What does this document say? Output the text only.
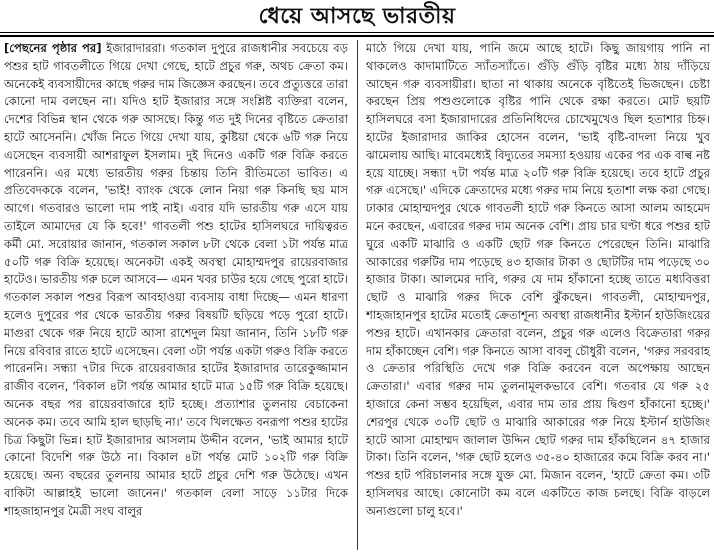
ধেয়ে আসছে ভারতীয়

[পেছনের পৃষ্ঠার পর] ইজারাদাররা। গতকাল দুপুরে রাজধানীর সবচেয়ে বড় পশুর হাট গাবতলীতে গিয়ে দেখা গেছে, হাটে প্রচুর গরু, অথচ ক্রেতা কম। অনেকেই ব্যবসায়ীদের কাছে গরুর দাম জিজ্ঞেস করছেন। তবে প্রত্যুত্তরে তারা কোনো দাম বলছেন না। যদিও হাট ইজারার সঙ্গে সংশ্লিষ্ট ব্যক্তিরা বলেন, দেশের বিভিন্ন স্থান থেকে গরু আসছে। কিন্তু গত দুই দিনের বৃষ্টিতে ক্রেতারা হাটে আসেননি। খোঁজ নিতে গিয়ে দেখা যায়, কুষ্টিয়া থেকে ৬টি গরু নিয়ে এসেছেন ব্যবসায়ী আশরাফুল ইসলাম। দুই দিনেও একটি গরু বিক্রি করতে পারেননি। এর মধ্যে ভারতীয় গরুর চিন্তায় তিনি রীতিমতো ভাবিত। এ প্রতিবেদককে বলেন, 'ভাই! ব্যাংক থেকে লোন নিয়া গরু কিনছি ছয় মাস আগে। গতবারও ভালো দাম পাই নাই। এবার যদি ভারতীয় গরু এসে যায় তাইলে আমাদের যে কি হবে!' গাবতলী পশু হাটের হাসিলঘরে দায়িত্বরত কর্মী মো. সরোয়ার জানান, গতকাল সকাল ৮টা থেকে বেলা ১টা পর্যন্ত মাত্র ৫০টি গরু বিক্রি হয়েছে। অনেকটা একই অবস্থা মোহাম্মদপুর রায়েরবাজার হাটেও। ভারতীয় গরু চলে আসবে— এমন খবর চাউর হয়ে গেছে পুরো হাটে। গতকাল সকাল পশুর বিরূপ আবহাওয়া ব্যবসায় বাধা দিচ্ছে— এমন ধারণা হলেও দুপুরের পর থেকে ভারতীয় গরুর বিষয়টি ছড়িয়ে পড়ে পুরো হাটে। মাগুরা থেকে গরু নিয়ে হাটে আসা রাশেদুল মিয়া জানান, তিনি ১৮টি গরু নিয়ে রবিবার রাতে হাটে এসেছেন। বেলা ৩টা পর্যন্ত একটা গরুও বিক্রি করতে পারেননি। সন্ধ্যা ৭টার দিকে রায়েরবাজার হাটের ইজারাদার তারেকুজ্জামান রাজীব বলেন, 'বিকাল ৪টা পর্যন্ত আমার হাটে মাত্র ১৫টি গরু বিক্রি হয়েছে। অনেক বছর পর রায়েরবাজারে হাট হচ্ছে। প্রত্যাশার তুলনায় বেচাকেনা অনেক কম। তবে আমি হাল ছাড়ছি না।' তবে খিলক্ষেত বনরূপা পশুর হাটের চিত্র কিছুটা ভিন্ন। হাট ইজারাদার আসলাম উদ্দীন বলেন, 'ভাই আমার হাটে কোনো বিদেশি গরু উঠে না। বিকাল ৪টা পর্যন্ত মোট ১০২টি গরু বিক্রি হয়েছে। অন্য বছরের তুলনায় আমার হাটে প্রচুর দেশি গরু উঠেছে। এখন বাকিটা আল্লাহই ভালো জানেন।' গতকাল বেলা সাড়ে ১১টার দিকে শাহজাহানপুর মৈত্রী সংঘ বালুর

মাঠে গিয়ে দেখা যায়, পানি জমে আছে হাটে। কিছু জায়গায় পানি না থাকলেও কাদামাটিতে স্যাঁতস্যাঁতে। গুঁড়ি গুঁড়ি বৃষ্টির মধ্যে ঠায় দাঁড়িয়ে আছেন গরু ব্যবসায়ীরা। ছাতা না থাকায় অনেকে বৃষ্টিতেই ভিজছেন। চেষ্টা করছেন প্রিয় পশুগুলোকে বৃষ্টির পানি থেকে রক্ষা করতে। মোট ছয়টি হাসিলঘরে বসা ইজারাদারের প্রতিনিধিদের চোখেমুখেও ছিল হতাশার চিহ্ন। হাটের ইজারাদার জাকির হোসেন বলেন, 'ভাই বৃষ্টি-বাদলা নিয়ে খুব ঝামেলায় আছি। মাবেমধ্যেই বিদ্যুতের সমস্যা হওয়ায় একের পর এক বাল্ব নষ্ট হয়ে যাচ্ছে। সন্ধ্যা ৭টা পর্যন্ত মাত্র ২০টি গরু বিক্রি হয়েছে। তবে হাটে প্রচুর গরু এসেছে।' এদিকে ক্রেতাদের মধ্যে গরুর দাম নিয়ে হতাশা লক্ষ করা গেছে। ঢাকার মোহাম্মদপুর থেকে গাবতলী হাটে গরু কিনতে আসা আলম আহমেদ মনে করছেন, এবারের গরুর দাম অনেক বেশি। প্রায় চার ঘণ্টা ধরে পশুর হাট ঘুরে একটি মাঝারি ও একটি ছোট গরু কিনতে পেরেছেন তিনি। মাঝারি আকারের গরুটির দাম পড়েছে ৪৩ হাজার টাকা ও ছোটটির দাম পড়েছে ৩০ হাজার টাকা। আলমের দাবি, গরুর যে দাম হাঁকানো হচ্ছে তাতে মধ্যবিত্তরা ছোট ও মাঝারি গরুর দিকে বেশি ঝুঁকছেন। গাবতলী, মোহাম্মদপুর, শাহজাহানপুর হাটের মতোই ক্রেতাশূন্য অবস্থা রাজধানীর ইস্টার্ন হাউজিংয়ের পশুর হাটে। এখানকার ক্রেতারা বলেন, প্রচুর গরু এলেও বিক্রেতারা গরুর দাম হাঁকাচ্ছেন বেশি। গরু কিনতে আসা বাবলু চৌধুরী বলেন, 'গরুর সরবরাহ ও ক্রেতার পরিস্থিতি দেখে গরু বিক্রি করবেন বলে অপেক্ষায় আছেন ক্রেতারা।' এবার গরুর দাম তুলনামূলকভাবে বেশি। গতবার যে গরু ২৫ হাজারে কেনা সম্ভব হয়েছিল, এবার দাম তার প্রায় দ্বিগুণ হাঁকানো হচ্ছে।' শেরপুর থেকে ৩০টি ছোট ও মাঝারি আকারের গরু নিয়ে ইস্টার্ন হাউজিং হাটে আসা মোহাম্মদ জালাল উদ্দিন ছোট গরুর দাম হাঁকছিলেন ৪৭ হাজার টাকা। তিনি বলেন, 'গরু ছোট হলেও ৩৫-৪০ হাজারের কমে বিক্রি করব না।' পশুর হাট পরিচালনার সঙ্গে যুক্ত মো. মিজান বলেন, 'হাটে ক্রেতা কম। ৩টি হাসিলঘর আছে। কোনোটা কম বলে একটিতে কাজ চলছে। বিক্রি বাড়লে অন্যগুলো চালু হবে।'
